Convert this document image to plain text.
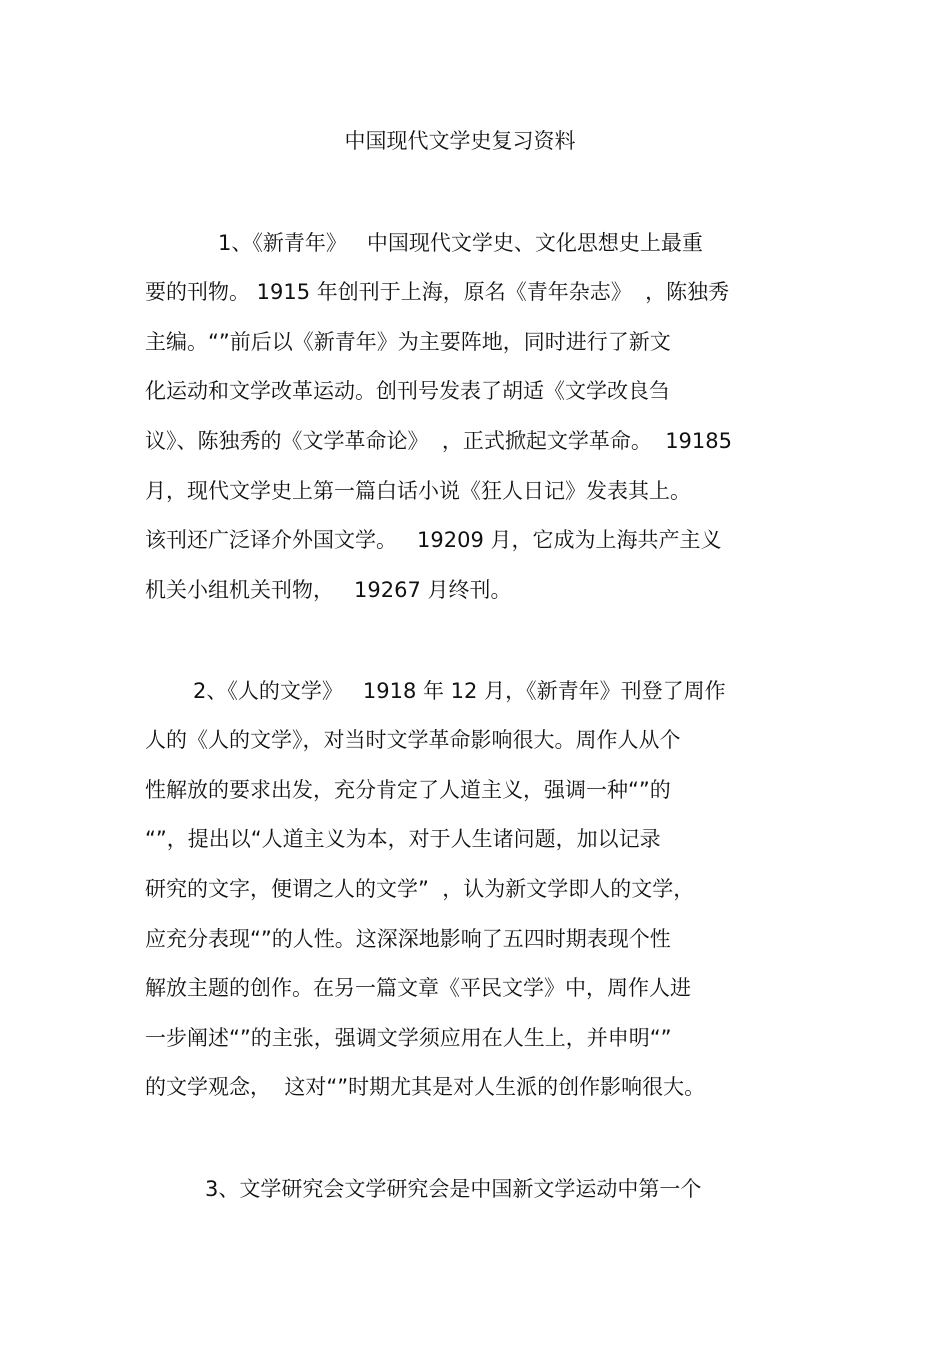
中国现代文学史复习资料
1、《新青年》   中国现代文学史、文化思想史上最重
要的刊物。 1915 年创刊于上海，原名《青年杂志》  ，陈独秀
主编。“”前后以《新青年》为主要阵地，同时进行了新文
化运动和文学改革运动。创刊号发表了胡适《文学改良刍
议》、陈独秀的《文学革命论》  ，正式掀起文学革命。  19185
月，现代文学史上第一篇白话小说《狂人日记》发表其上。
该刊还广泛译介外国文学。   19209 月，它成为上海共产主义
机关小组机关刊物，   19267 月终刊。
2、《人的文学》   1918 年 12 月，《新青年》刊登了周作
人的《人的文学》，对当时文学革命影响很大。周作人从个
性解放的要求出发，充分肯定了人道主义，强调一种“”的
“”，提出以“人道主义为本，对于人生诸问题，加以记录
研究的文字，便谓之人的文学”  ，认为新文学即人的文学，
应充分表现“”的人性。这深深地影响了五四时期表现个性
解放主题的创作。在另一篇文章《平民文学》中，周作人进
一步阐述“”的主张，强调文学须应用在人生上，并申明“”
的文学观念，  这对“”时期尤其是对人生派的创作影响很大。
3、文学研究会文学研究会是中国新文学运动中第一个
